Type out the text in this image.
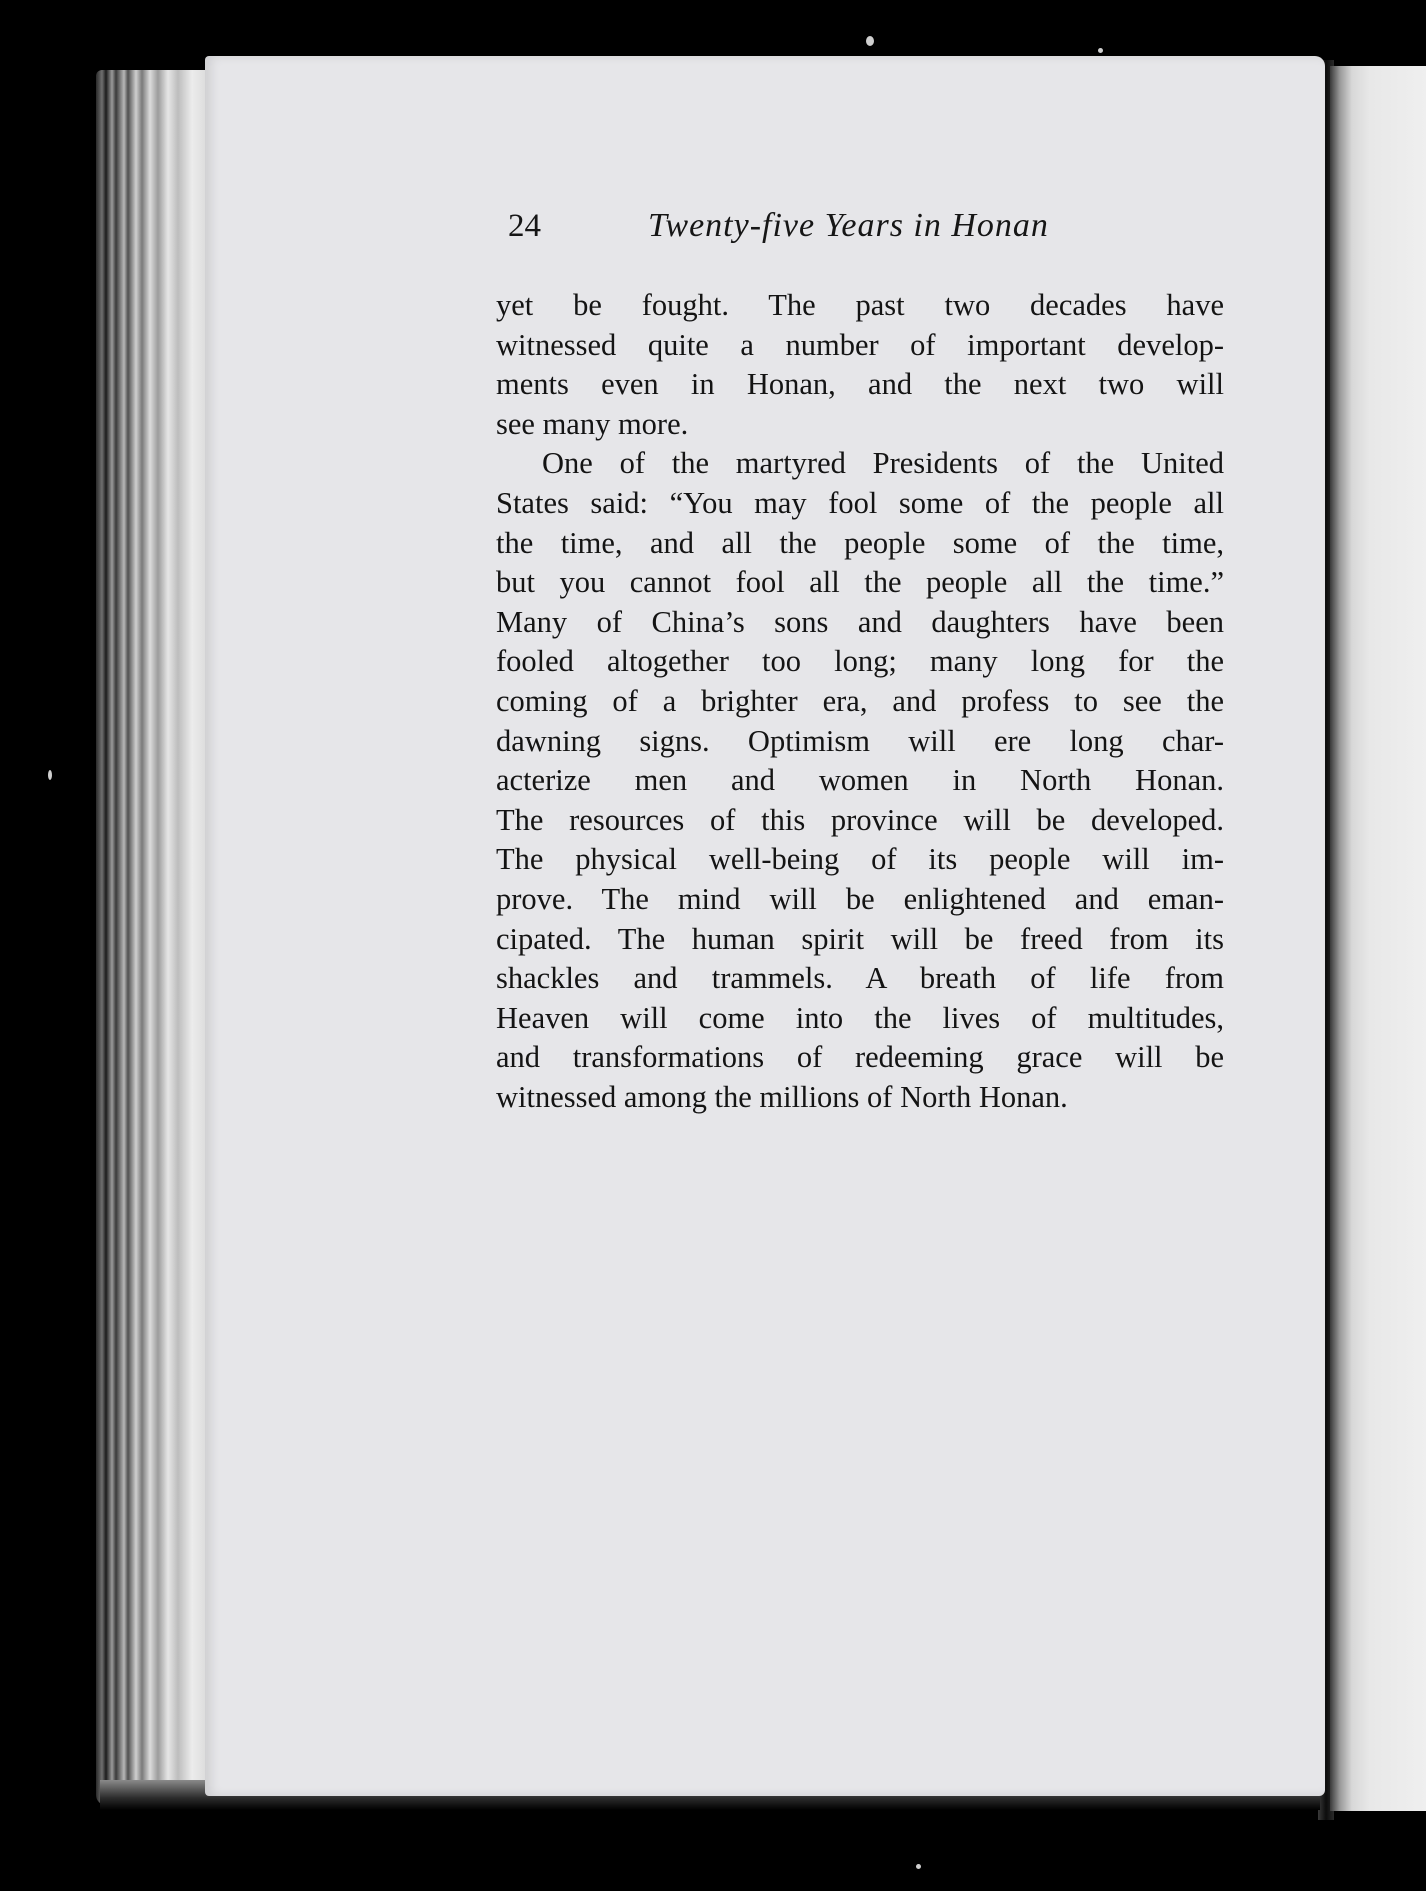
24	Twenty-five Years in Honan
yet be fought. The past two decades have
witnessed quite a number of important develop-
ments even in Honan, and the next two will
see many more.
One of the martyred Presidents of the United
States said: “You may fool some of the people all
the time, and all the people some of the time,
but you cannot fool all the people all the time.”
Many of China’s sons and daughters have been
fooled altogether too long; many long for the
coming of a brighter era, and profess to see the
dawning signs. Optimism will ere long char-
acterize men and women in North Honan.
The resources of this province will be developed.
The physical well-being of its people will im-
prove. The mind will be enlightened and eman-
cipated. The human spirit will be freed from its
shackles and trammels. A breath of life from
Heaven will come into the lives of multitudes,
and transformations of redeeming grace will be
witnessed among the millions of North Honan.
